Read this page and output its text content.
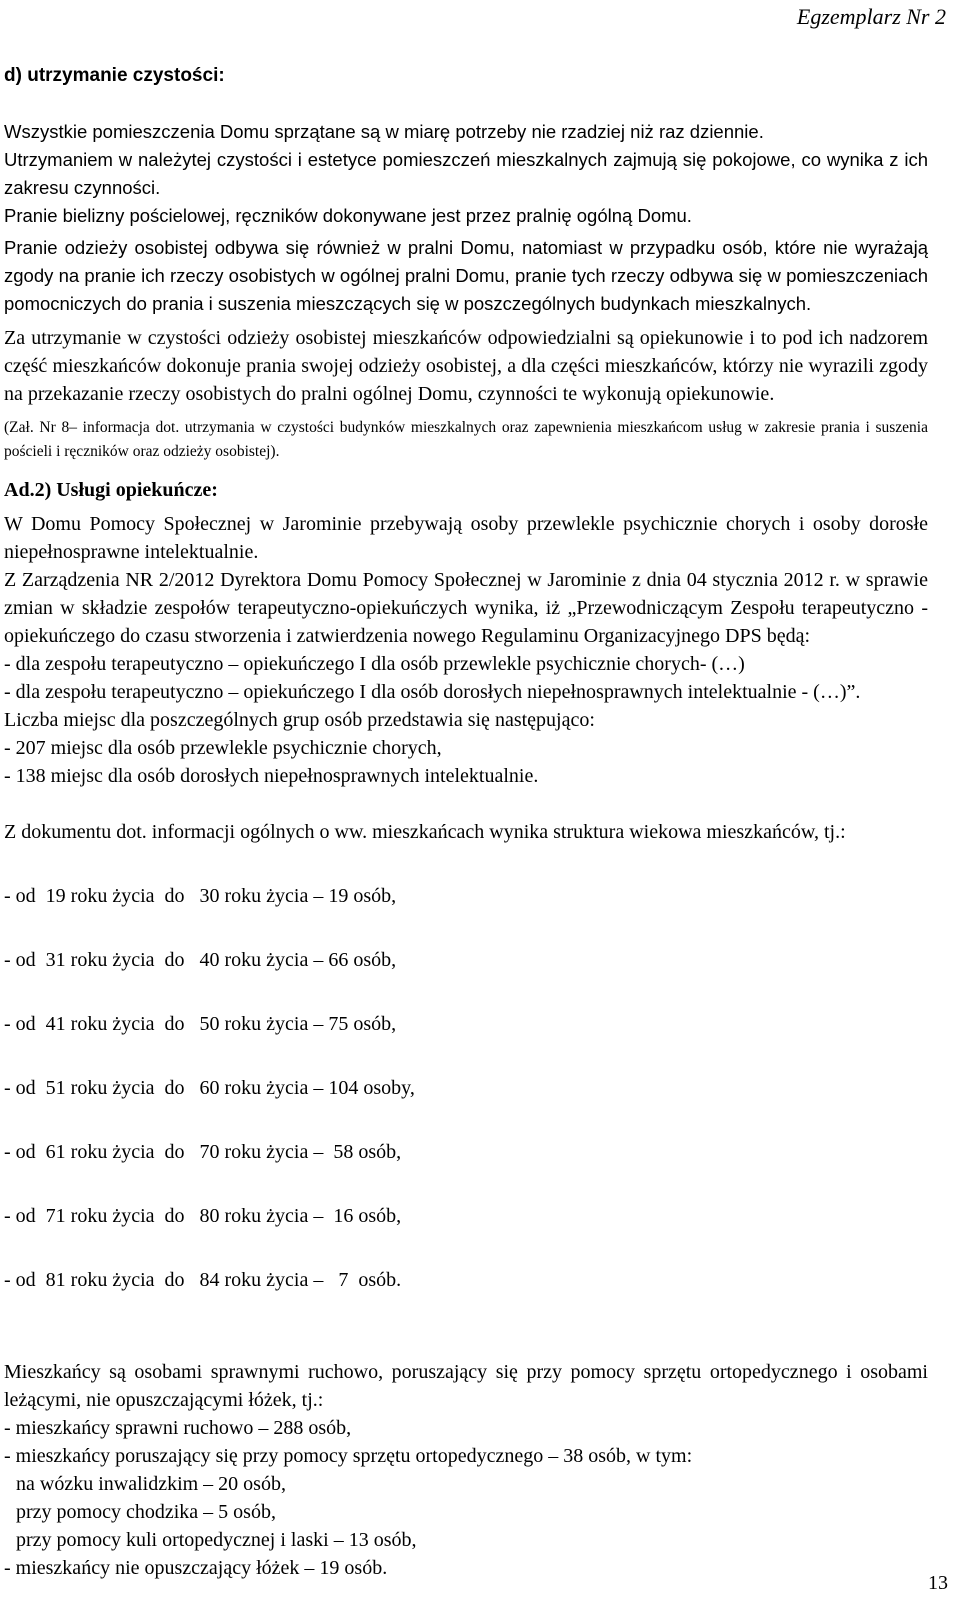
Egzemplarz Nr 2
d) utrzymanie czystości:

Wszystkie pomieszczenia Domu sprzątane są w miarę potrzeby nie rzadziej niż raz dziennie.

Utrzymaniem w należytej czystości i estetyce pomieszczeń mieszkalnych zajmują się pokojowe, co wynika z ich zakresu czynności.

Pranie bielizny pościelowej, ręczników dokonywane jest przez pralnię ogólną Domu.

Pranie odzieży osobistej odbywa się również w pralni Domu, natomiast w przypadku osób, które nie wyrażają zgody na pranie ich rzeczy osobistych w ogólnej pralni Domu, pranie tych rzeczy odbywa się w pomieszczeniach pomocniczych do prania i suszenia mieszczących się w poszczególnych budynkach mieszkalnych.

Za utrzymanie w czystości odzieży osobistej mieszkańców odpowiedzialni są opiekunowie i to pod ich nadzorem część mieszkańców dokonuje prania swojej odzieży osobistej, a dla części mieszkańców, którzy nie wyrazili zgody na przekazanie rzeczy osobistych do pralni ogólnej Domu, czynności te wykonują opiekunowie.

(Zał. Nr 8– informacja dot. utrzymania w czystości budynków mieszkalnych oraz zapewnienia mieszkańcom usług w zakresie prania i suszenia pościeli i ręczników oraz odzieży osobistej).

Ad.2) Usługi opiekuńcze:

W Domu Pomocy Społecznej w Jarominie przebywają osoby przewlekle psychicznie chorych i osoby dorosłe niepełnosprawne intelektualnie.

Z Zarządzenia NR 2/2012 Dyrektora Domu Pomocy Społecznej w Jarominie z dnia 04 stycznia 2012 r. w sprawie zmian w składzie zespołów terapeutyczno-opiekuńczych wynika, iż „Przewodniczącym Zespołu terapeutyczno - opiekuńczego do czasu stworzenia i zatwierdzenia nowego Regulaminu Organizacyjnego DPS będą:

- dla zespołu terapeutyczno – opiekuńczego I dla osób przewlekle psychicznie chorych- (…)

- dla zespołu terapeutyczno – opiekuńczego I dla osób dorosłych niepełnosprawnych intelektualnie - (…)”.

Liczba miejsc dla poszczególnych grup osób przedstawia się następująco:

- 207 miejsc dla osób przewlekle psychicznie chorych,

- 138 miejsc dla osób dorosłych niepełnosprawnych intelektualnie.

Z dokumentu dot. informacji ogólnych o ww. mieszkańcach wynika struktura wiekowa mieszkańców, tj.:

- od  19 roku życia  do   30 roku życia – 19 osób,

- od  31 roku życia  do   40 roku życia – 66 osób,

- od  41 roku życia  do   50 roku życia – 75 osób,

- od  51 roku życia  do   60 roku życia – 104 osoby,

- od  61 roku życia  do   70 roku życia –  58 osób,

- od  71 roku życia  do   80 roku życia –  16 osób,

- od  81 roku życia  do   84 roku życia –   7  osób.

Mieszkańcy są osobami sprawnymi ruchowo, poruszający się przy pomocy sprzętu ortopedycznego i osobami leżącymi, nie opuszczającymi łóżek, tj.:

- mieszkańcy sprawni ruchowo – 288 osób,

- mieszkańcy poruszający się przy pomocy sprzętu ortopedycznego – 38 osób, w tym:

na wózku inwalidzkim – 20 osób,

przy pomocy chodzika – 5 osób,

przy pomocy kuli ortopedycznej i laski – 13 osób,

- mieszkańcy nie opuszczający łóżek – 19 osób.

13
